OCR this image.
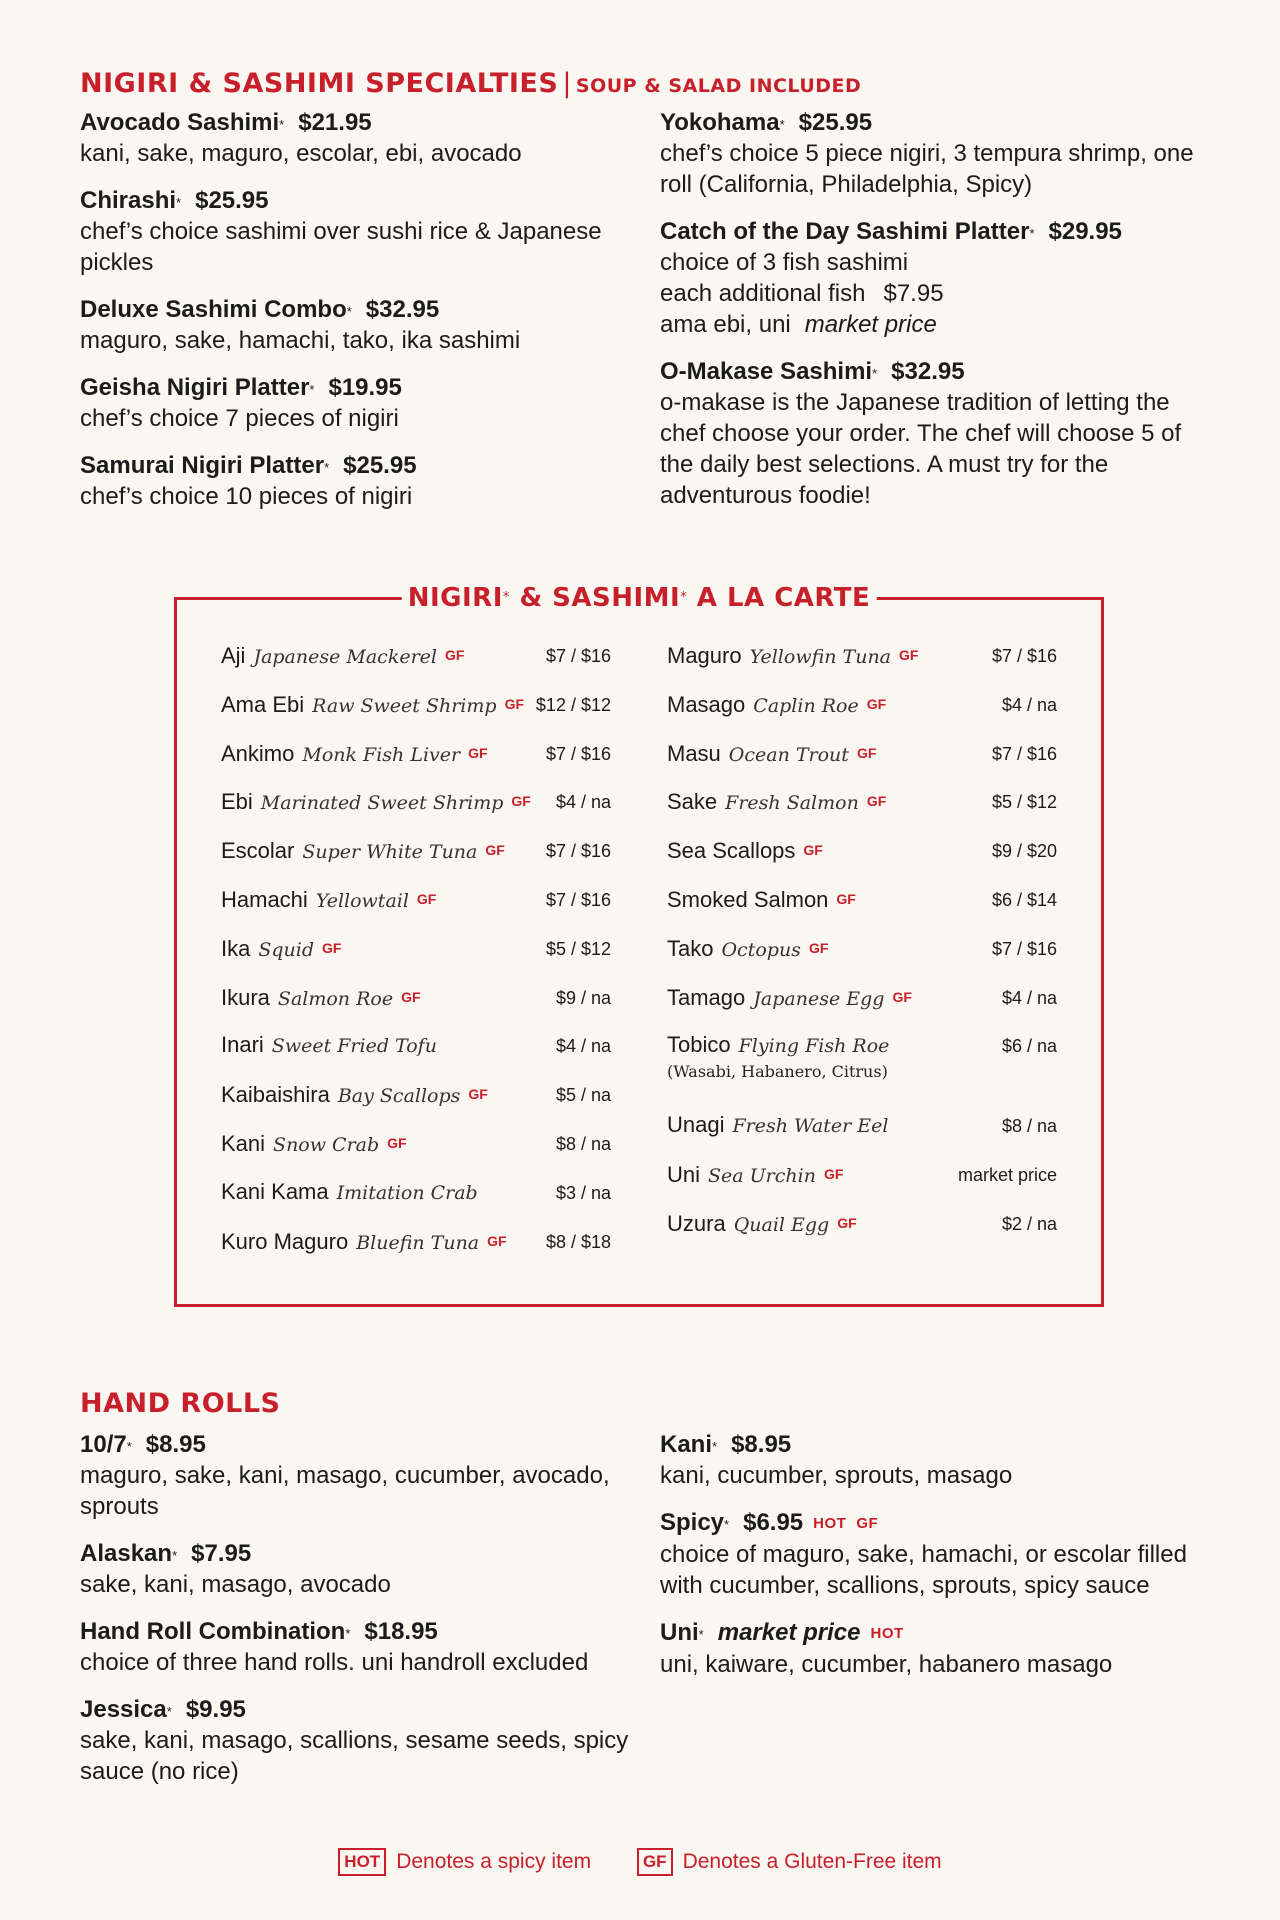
NIGIRI & SASHIMI SPECIALTIES | SOUP & SALAD INCLUDED
Avocado Sashimi* $21.95
kani, sake, maguro, escolar, ebi, avocado
Chirashi* $25.95
chef’s choice sashimi over sushi rice & Japanese pickles
Deluxe Sashimi Combo* $32.95
maguro, sake, hamachi, tako, ika sashimi
Geisha Nigiri Platter* $19.95
chef’s choice 7 pieces of nigiri
Samurai Nigiri Platter* $25.95
chef’s choice 10 pieces of nigiri
Yokohama* $25.95
chef’s choice 5 piece nigiri, 3 tempura shrimp, one roll (California, Philadelphia, Spicy)
Catch of the Day Sashimi Platter* $29.95
choice of 3 fish sashimi
each additional fish $7.95
ama ebi, uni market price
O-Makase Sashimi* $32.95
o-makase is the Japanese tradition of letting the chef choose your order. The chef will choose 5 of the daily best selections. A must try for the adventurous foodie!
NIGIRI* & SASHIMI* A LA CARTE
Aji Japanese Mackerel GF	$7 / $16
Ama Ebi Raw Sweet Shrimp GF $12 / $12
Ankimo Monk Fish Liver GF	$7 / $16
Ebi Marinated Sweet Shrimp GF $4 / na
Escolar Super White Tuna GF $7 / $16
Hamachi Yellowtail GF	$7 / $16
Ika Squid GF	$5 / $12
Ikura Salmon Roe GF	$9 / na
Inari Sweet Fried Tofu	$4 / na
Kaibaishira Bay Scallops GF	$5 / na
Kani Snow Crab GF	$8 / na
Kani Kama Imitation Crab	$3 / na
Kuro Maguro Bluefin Tuna GF $8 / $18
Maguro Yellowfin Tuna GF	$7 / $16
Masago Caplin Roe GF	$4 / na
Masu Ocean Trout GF	$7 / $16
Sake Fresh Salmon GF	$5 / $12
Sea Scallops GF	$9 / $20
Smoked Salmon GF	$6 / $14
Tako Octopus GF	$7 / $16
Tamago Japanese Egg GF	$4 / na
Tobico Flying Fish Roe	$6 / na
(Wasabi, Habanero, Citrus)
Unagi Fresh Water Eel	$8 / na
Uni Sea Urchin GF	market price
Uzura Quail Egg GF	$2 / na
HAND ROLLS
10/7* $8.95
maguro, sake, kani, masago, cucumber, avocado, sprouts
Alaskan* $7.95
sake, kani, masago, avocado
Hand Roll Combination* $18.95
choice of three hand rolls. uni handroll excluded
Jessica* $9.95
sake, kani, masago, scallions, sesame seeds, spicy sauce (no rice)
Kani* $8.95
kani, cucumber, sprouts, masago
Spicy* $6.95 HOT GF
choice of maguro, sake, hamachi, or escolar filled with cucumber, scallions, sprouts, spicy sauce
Uni* market price HOT
uni, kaiware, cucumber, habanero masago
HOT Denotes a spicy item
	GF Denotes a Gluten-Free item
